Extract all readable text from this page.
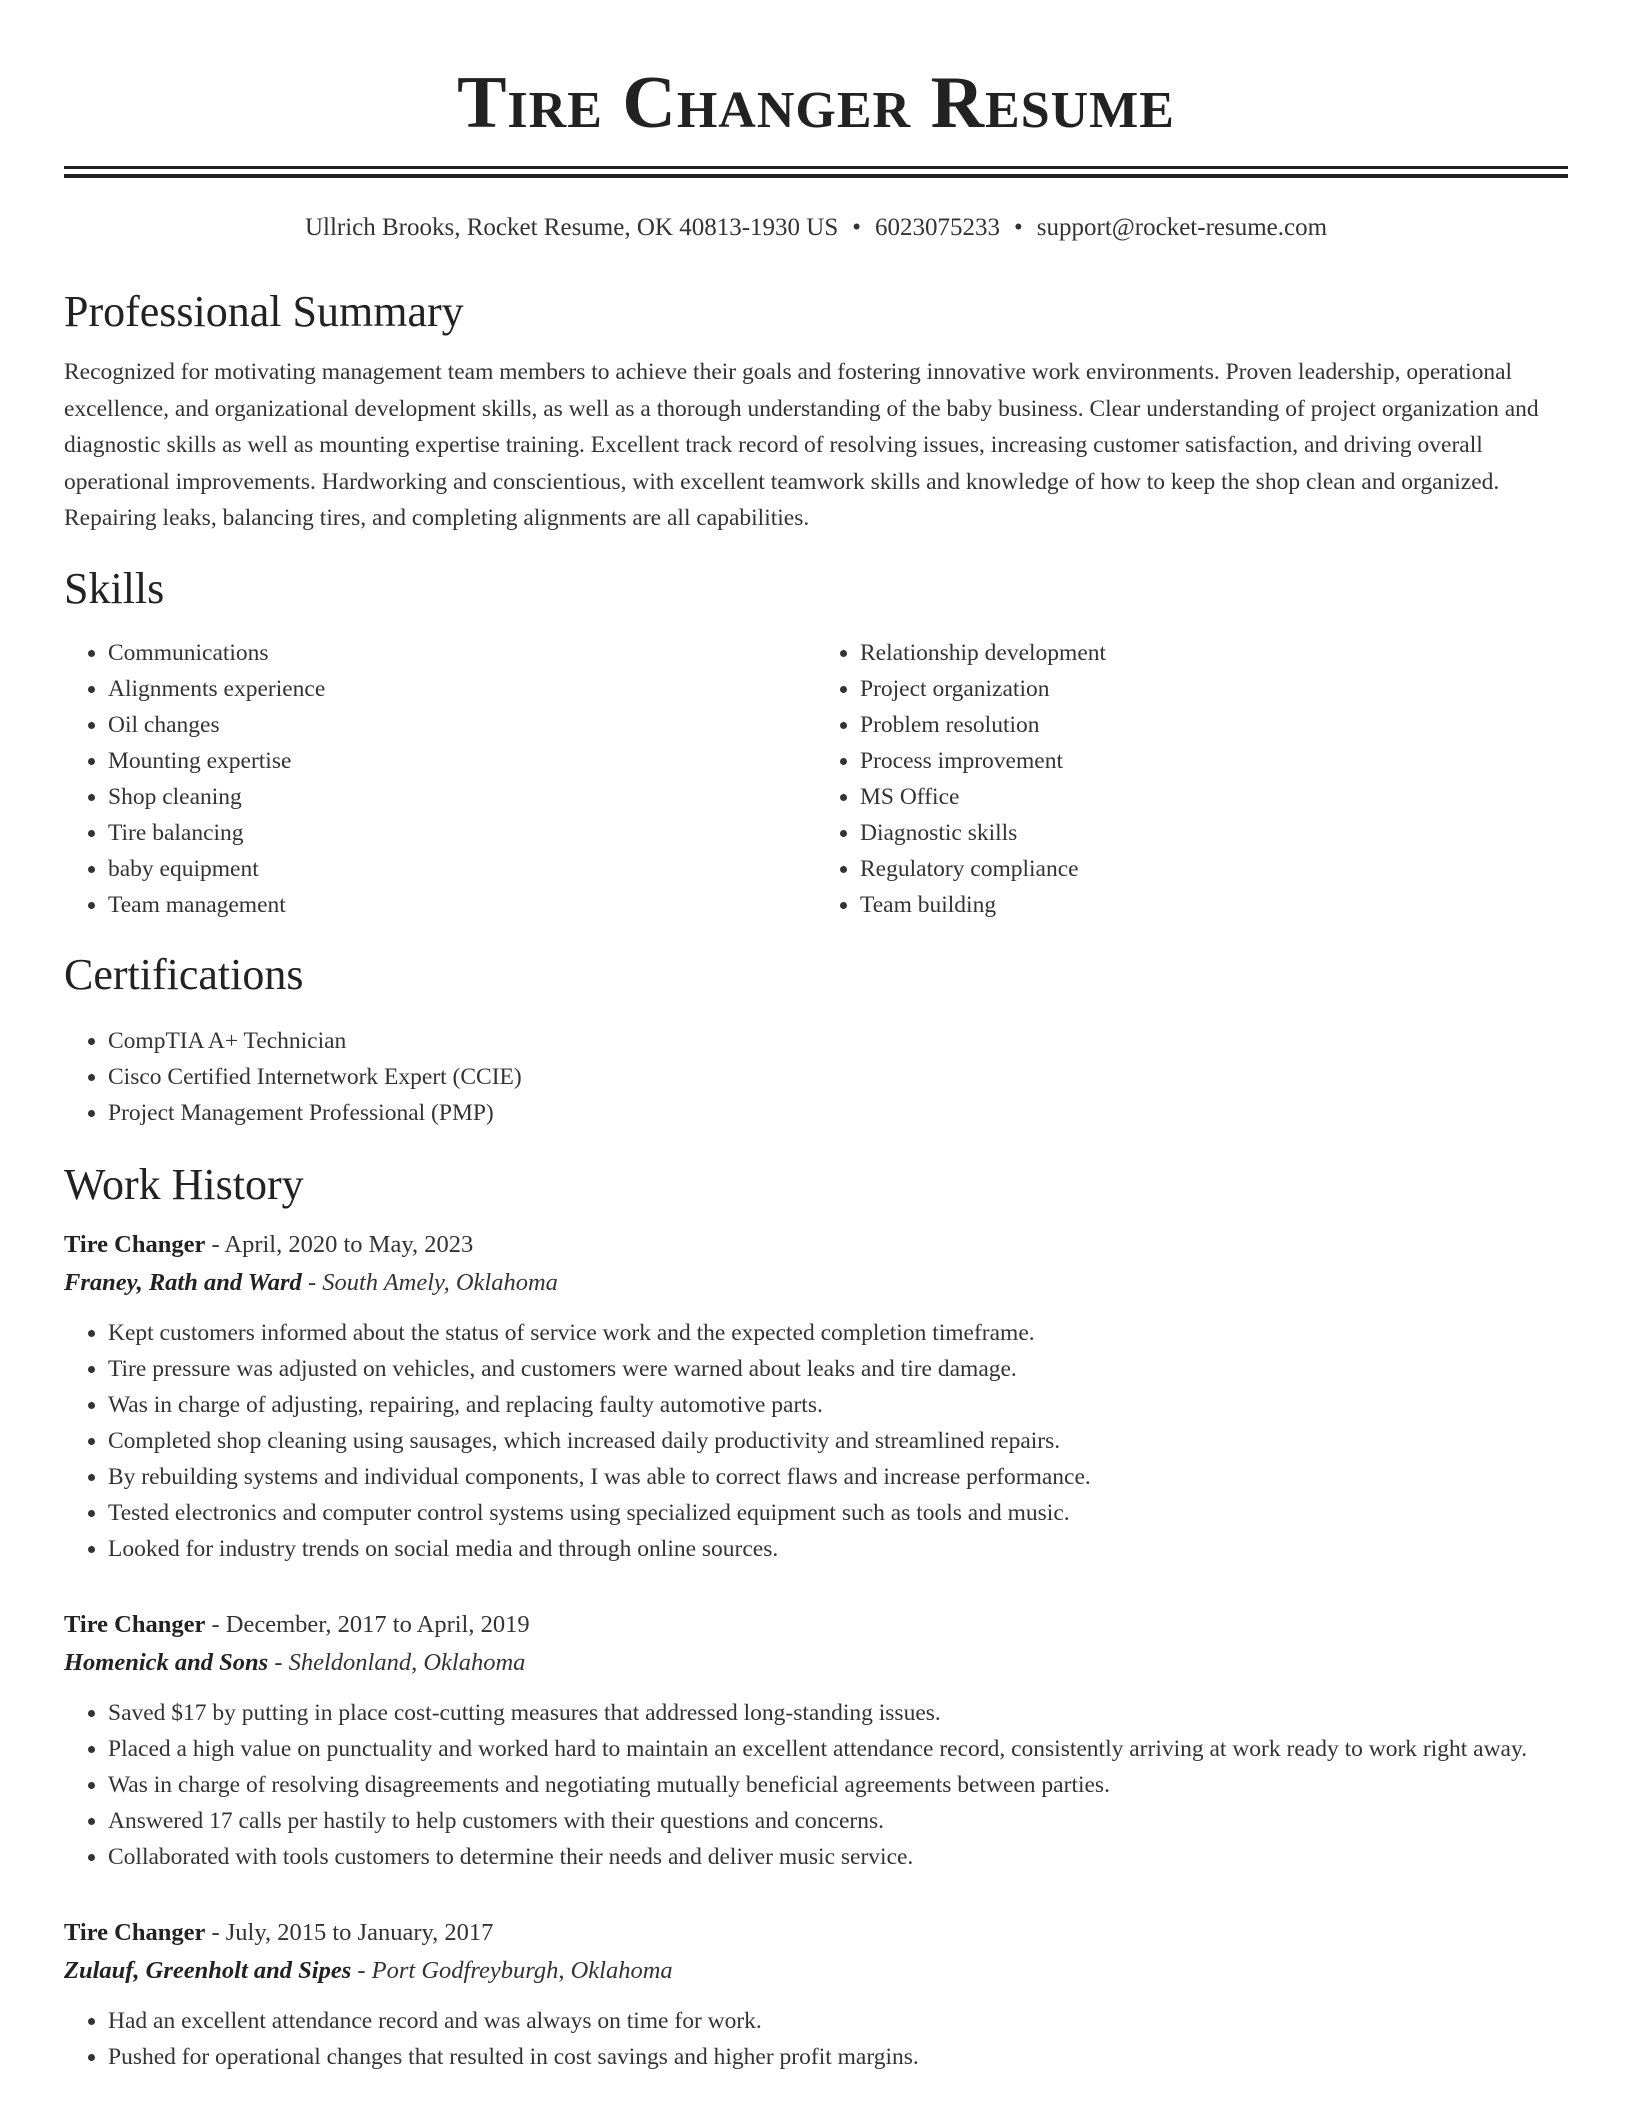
Tire Changer Resume
Ullrich Brooks, Rocket Resume, OK 40813-1930 US • 6023075233 • support@rocket-resume.com
Professional Summary
Recognized for motivating management team members to achieve their goals and fostering innovative work environments. Proven leadership, operational excellence, and organizational development skills, as well as a thorough understanding of the baby business. Clear understanding of project organization and diagnostic skills as well as mounting expertise training. Excellent track record of resolving issues, increasing customer satisfaction, and driving overall operational improvements. Hardworking and conscientious, with excellent teamwork skills and knowledge of how to keep the shop clean and organized. Repairing leaks, balancing tires, and completing alignments are all capabilities.
Skills
• Communications
• Alignments experience
• Oil changes
• Mounting expertise
• Shop cleaning
• Tire balancing
• baby equipment
• Team management
• Relationship development
• Project organization
• Problem resolution
• Process improvement
• MS Office
• Diagnostic skills
• Regulatory compliance
• Team building
Certifications
• CompTIA A+ Technician
• Cisco Certified Internetwork Expert (CCIE)
• Project Management Professional (PMP)
Work History
Tire Changer - April, 2020 to May, 2023
Franey, Rath and Ward - South Amely, Oklahoma
• Kept customers informed about the status of service work and the expected completion timeframe.
• Tire pressure was adjusted on vehicles, and customers were warned about leaks and tire damage.
• Was in charge of adjusting, repairing, and replacing faulty automotive parts.
• Completed shop cleaning using sausages, which increased daily productivity and streamlined repairs.
• By rebuilding systems and individual components, I was able to correct flaws and increase performance.
• Tested electronics and computer control systems using specialized equipment such as tools and music.
• Looked for industry trends on social media and through online sources.
Tire Changer - December, 2017 to April, 2019
Homenick and Sons - Sheldonland, Oklahoma
• Saved $17 by putting in place cost-cutting measures that addressed long-standing issues.
• Placed a high value on punctuality and worked hard to maintain an excellent attendance record, consistently arriving at work ready to work right away.
• Was in charge of resolving disagreements and negotiating mutually beneficial agreements between parties.
• Answered 17 calls per hastily to help customers with their questions and concerns.
• Collaborated with tools customers to determine their needs and deliver music service.
Tire Changer - July, 2015 to January, 2017
Zulauf, Greenholt and Sipes - Port Godfreyburgh, Oklahoma
• Had an excellent attendance record and was always on time for work.
• Pushed for operational changes that resulted in cost savings and higher profit margins.
